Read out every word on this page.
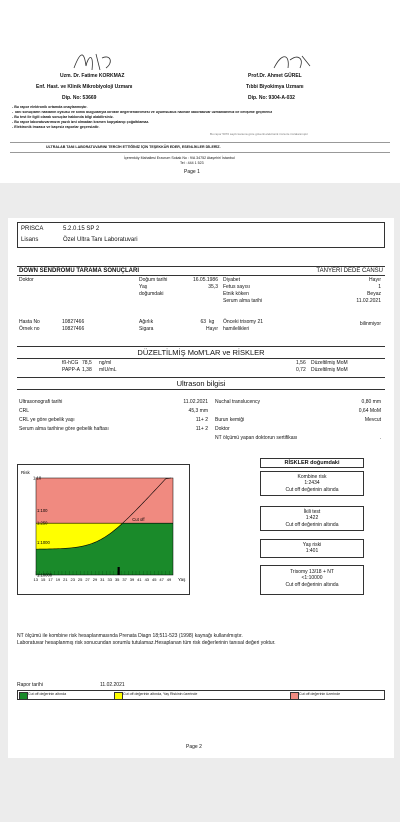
Uzm. Dr. Fatime KORKMAZ
Enf. Hast. ve Klinik Mikrobiyoloji Uzmanı
Dip. No: 53669
Prof.Dr. Ahmet GÜREL
Tıbbi Biyokimya Uzmanı
Dip. No: 9304-A-032
- Bu rapor elektronik ortamda onaylanmıştır.
- Tanı sonuçların hastanın öyküsü ve klinik bulgularıyla birlikte değerlendirilmesi ve uyumsuzluk halinde laboratuvar uzmanlarımız ile iletişime geçmeniz
- Bu test ile ilgili olarak sonuçlar hakkında bilgi alabilirsiniz.
- Bu rapor laboratuvarımızın yazılı izni olmadan kısmen kopyalanıp çoğaltılamaz.
- Elektronik imzasız ve kaşesiz raporlar geçersizdir.
Bu rapor 5070 sayılı kanuna göre güvenli elektronik imza ile imzalanmıştır
ULTRALAB TANI LABORATUVARINI TERCİH ETTİĞİNİZ İÇİN TEŞEKKÜR EDER, ESENLİKLER DİLERİZ.
İçerenköy Mahallesi Erzurum Sokak No : 9/A 34752 Ataşehir/ İstanbul
Tel : 444 1 523
Page 1
PRISCA	5.2.0.15 SP 2
Lisans	Özel Ultra Tanı Laboratuvari
DOWN SENDROMU TARAMA SONUÇLARI	TANYERİ DEDE CANSU
Doktor	Doğum tarihi	16.05.1986
Yaş	35,3
doğumdaki
Diyabet	Hayır
Fetus sayısı	1
Etnik köken	Beyaz
Serum alma tarihi	11.02.2021
Hasta No	10827466
Örnek no	10827466
Ağırlık	63 kg
Sigara	Hayır
Önceki trisomy 21
hamilelikleri
bilinmiyor
DÜZELTİLMİŞ MoM'LAR ve RİSKLER
fß-hCG 78,5 ng/ml	1,56 Düzeltilmiş MoM
PAPP-A 1,38 mIU/mL	0,72 Düzeltilmiş MoM
Ultrason bilgisi
Ultrasonografi tarihi	11.02.2021
CRL	45,3 mm
CRL ye göre gebelik yaşı	11+ 2
Serum alma tarihine göre gebelik haftası	11+ 2
Nuchal translucency	0,80 mm
0,64 MoM
Burun kemiği	Mevcut
Doktor
NT ölçümü yapan doktorun sertifikası	.
Cut off
1:10
1:100
1:250
1:1000
1:10000
Risk
13 15 17 19 21 23 25 27 29 31 33 35 37 39 41 43 45 47 49 Yaş
RİSKLER doğumdaki
Kombine risk
1:2434
Cut off değerinin altında
İkili test
1:422
Cut off değerinin altında
Yaş riski
1:401
Trisomy 13/18 + NT
<1:10000
Cut off değerinin altında
NT ölçümü ile kombine risk hesaplanmasında Prenata Diagn 18;511-523 (1998) kaynağı kullanılmıştır.
Laboratuvar hesaplanmış risk sonucundan sorumlu tutulamaz.Hesaplanan tüm risk değerlerinin tanısal değeri yoktur.
Rapor tarihi	11.02.2021
Cut off değerinin altında	Cut off değerinin altında, Yaş Riskinin üzerinde	Cut off değerinin üzerinde
Page 2
